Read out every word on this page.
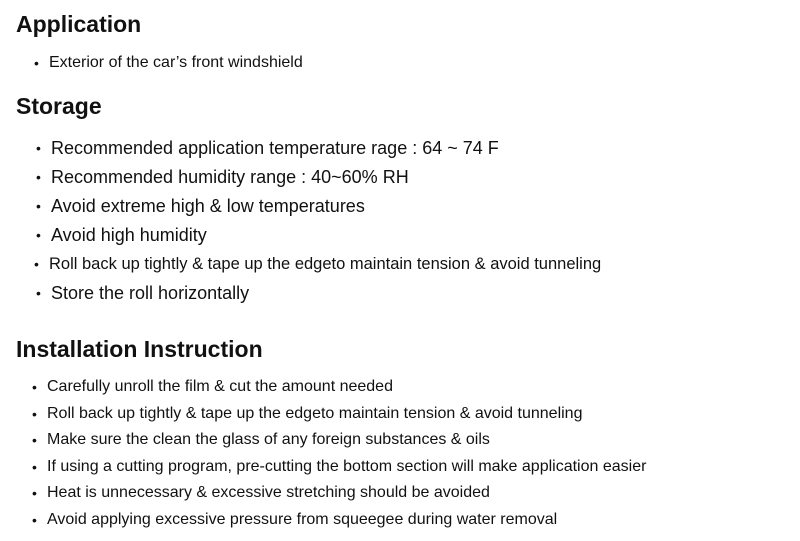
Application
• Exterior of the car’s front windshield
Storage
• Recommended application temperature rage : 64 ~ 74 F
• Recommended humidity range : 40~60% RH
• Avoid extreme high & low temperatures
• Avoid high humidity
• Roll back up tightly & tape up the edgeto maintain tension & avoid tunneling
• Store the roll horizontally
Installation Instruction
• Carefully unroll the film & cut the amount needed
• Roll back up tightly & tape up the edgeto maintain tension & avoid tunneling
• Make sure the clean the glass of any foreign substances & oils
• If using a cutting program, pre-cutting the bottom section will make application easier
• Heat is unnecessary & excessive stretching should be avoided
• Avoid applying excessive pressure from squeegee during water removal
